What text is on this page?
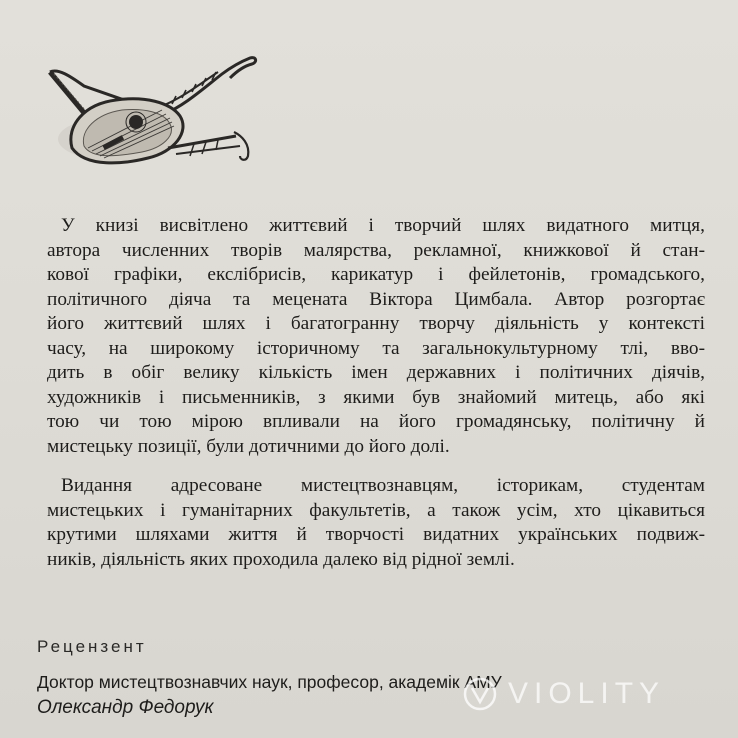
У книзі висвітлено життєвий і творчий шлях видатного митця,
автора численних творів малярства, рекламної, книжкової й стан-
кової графіки, екслібрисів, карикатур і фейлетонів, громадського,
політичного діяча та мецената Віктора Цимбала. Автор розгортає
його життєвий шлях і багатогранну творчу діяльність у контексті
часу, на широкому історичному та загальнокультурному тлі, вво-
дить в обіг велику кількість імен державних і політичних діячів,
художників і письменників, з якими був знайомий митець, або які
тою чи тою мірою впливали на його громадянську, політичну й
мистецьку позиції, були дотичними до його долі.
Видання адресоване мистецтвознавцям, історикам, студентам
мистецьких і гуманітарних факультетів, а також усім, хто цікавиться
крутими шляхами життя й творчості видатних українських подвиж-
ників, діяльність яких проходила далеко від рідної землі.
Рецензент
Доктор мистецтвознавчих наук, професор, академік АМУ
Олександр Федорук	VIOLITY
